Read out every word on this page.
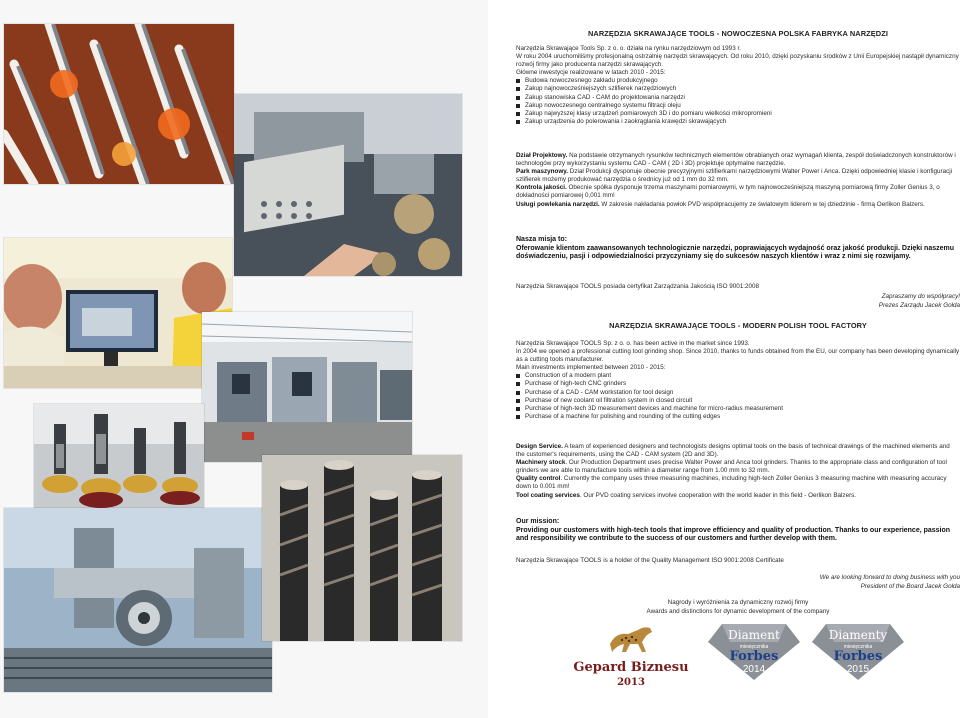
NARZĘDZIA SKRAWAJĄCE TOOLS - NOWOCZESNA POLSKA FABRYKA NARZĘDZI

Narzędzia Skrawające Tools Sp. z o. o. działa na rynku narzędziowym od 1993 r.

W roku 2004 uruchomiliśmy profesjonalną ostrzalnię narzędzi skrawających. Od roku 2010, dzięki pozyskaniu środków z Unii Europejskiej nastąpił dynamiczny rozwój firmy jako producenta narzędzi skrawających.

Główne inwestycje realizowane w latach 2010 - 2015:

Budowa nowoczesnego zakładu produkcyjnego
Zakup najnowocześniejszych szlifierek narzędziowych
Zakup stanowiska CAD - CAM do projektowania narzędzi
Zakup nowoczesnego centralnego systemu filtracji oleju
Zakup najwyższej klasy urządzeń pomiarowych 3D i do pomiaru wielkości mikropromieni
Zakup urządzenia do polerowania i zaokrąglania krawędzi skrawających

Dział Projektowy. Na podstawie otrzymanych rysunków technicznych elementów obrabianych oraz wymagań klienta, zespół doświadczonych konstruktorów i technologów przy wykorzystaniu systemu CAD - CAM ( 2D i 3D) projektuje optymalne narzędzie.

Park maszynowy. Dział Produkcji dysponuje obecnie precyzyjnymi szlifierkami narzędziowymi Walter Power i Anca. Dzięki odpowiedniej klasie i konfiguracji szlifierek możemy produkować narzędzia o średnicy już od 1 mm do 32 mm.

Kontrola jakości. Obecnie spółka dysponuje trzema maszynami pomiarowymi, w tym najnowocześniejszą maszyną pomiarową firmy Zoller Genius 3, o dokładności pomiarowej 0,001 mm!

Usługi powlekania narzędzi. W zakresie nakładania powłok PVD współpracujemy ze światowym liderem w tej dziedzinie - firmą Oerlikon Balzers.

Nasza misja to:

Oferowanie klientom zaawansowanych technologicznie narzędzi, poprawiających wydajność oraz jakość produkcji. Dzięki naszemu doświadczeniu, pasji i odpowiedzialności przyczyniamy się do sukcesów naszych klientów i wraz z nimi się rozwijamy.

Narzędzia Skrawające TOOLS posiada certyfikat Zarządzania Jakością ISO 9001:2008
Zapraszamy do współpracy!
Prezes Zarządu Jacek Gołda
NARZĘDZIA SKRAWAJĄCE TOOLS - MODERN POLISH TOOL FACTORY

Narzędzia Skrawające TOOLS Sp. z o. o. has been active in the market since 1993.

In 2004 we opened a professional cutting tool grinding shop. Since 2010, thanks to funds obtained from the EU, our company has been developing dynamically as a cutting tools manufacturer.

Main investments implemented between 2010 - 2015:

Construction of a modern plant
Purchase of high-tech CNC grinders
Purchase of a CAD - CAM workstation for tool design
Purchase of new coolant oil filtration system in closed circuit
Purchase of high-tech 3D measurement devices and machine for micro-radius measurement
Purchase of a machine for polishing and rounding of the cutting edges

Design Service. A team of experienced designers and technologists designs optimal tools on the basis of technical drawings of the machined elements and the customer's requirements, using the CAD - CAM system (2D and 3D).

Machinery stock. Our Production Department uses precise Walter Power and Anca tool grinders. Thanks to the appropriate class and configuration of tool grinders we are able to manufacture tools within a diameter range from 1.00 mm to 32 mm.

Quality control. Currently the company uses three measuring machines, including high-tech Zoller Genius 3 measuring machine with measuring accuracy down to 0.001 mm!

Tool coating services. Our PVD coating services involve cooperation with the world leader in this field - Oerlikon Balzers.

Our mission:

Providing our customers with high-tech tools that improve efficiency and quality of production. Thanks to our experience, passion and responsibility we contribute to the success of our customers and further develop with them.

Narzędzia Skrawające TOOLS is a holder of the Quality Management ISO 9001:2008 Certificate
We are looking forward to doing business with you
President of the Board Jacek Gołda
Nagrody i wyróżnienia za dynamiczny rozwój firmy
Awards and distinctions for dynamic development of the company
Gepard Biznesu
2013
Diament
miesięcznika
Forbes
2014
Diamenty
miesięcznika
Forbes
2015
